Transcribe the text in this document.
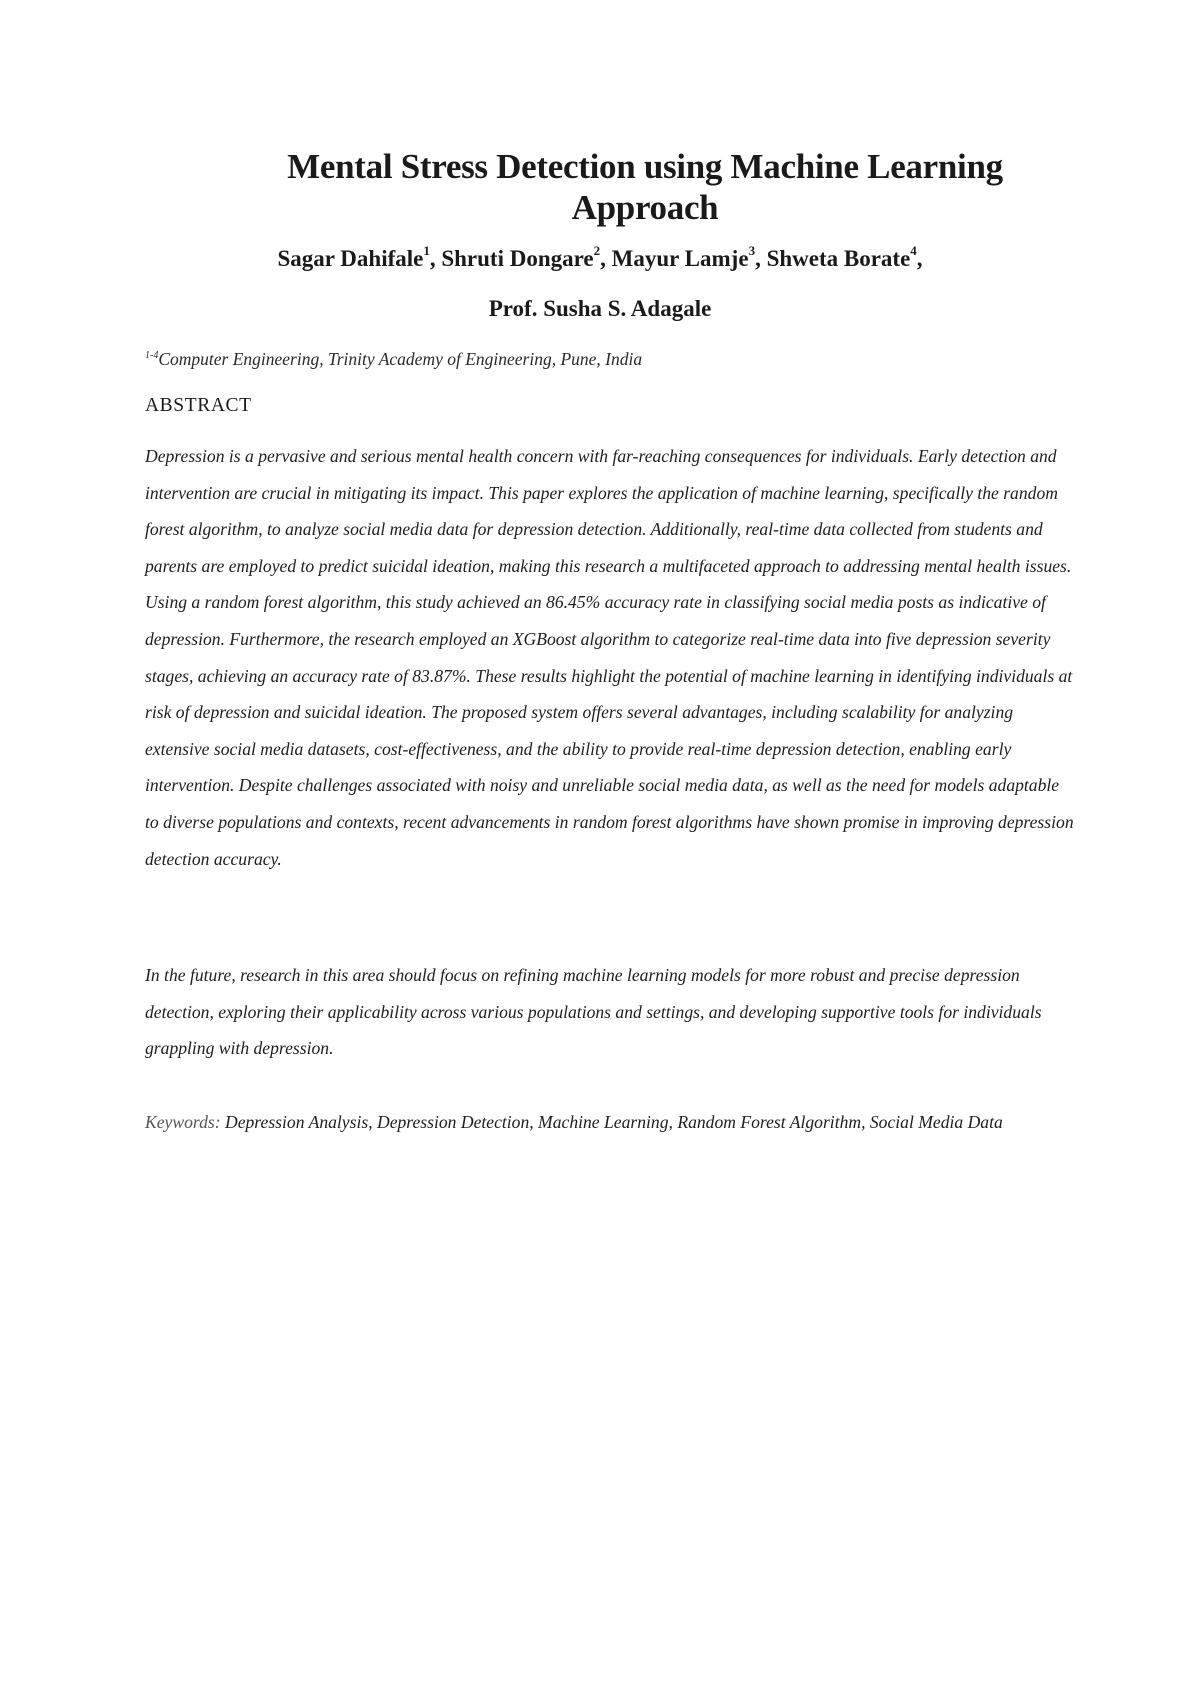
Mental Stress Detection using Machine Learning Approach

Sagar Dahifale$^1$, Shruti Dongare$^2$, Mayur Lamje$^3$, Shweta Borate$^4$,

Prof. Susha S. Adagale

$^{1-4}$Computer Engineering, Trinity Academy of Engineering, Pune, India

ABSTRACT

Depression is a pervasive and serious mental health concern with far-reaching consequences for individuals. Early detection and intervention are crucial in mitigating its impact. This paper explores the application of machine learning, specifically the random forest algorithm, to analyze social media data for depression detection. Additionally, real-time data collected from students and parents are employed to predict suicidal ideation, making this research a multifaceted approach to addressing mental health issues. Using a random forest algorithm, this study achieved an 86.45% accuracy rate in classifying social media posts as indicative of depression. Furthermore, the research employed an XGBoost algorithm to categorize real-time data into five depression severity stages, achieving an accuracy rate of 83.87%. These results highlight the potential of machine learning in identifying individuals at risk of depression and suicidal ideation. The proposed system offers several advantages, including scalability for analyzing extensive social media datasets, cost-effectiveness, and the ability to provide real-time depression detection, enabling early intervention. Despite challenges associated with noisy and unreliable social media data, as well as the need for models adaptable to diverse populations and contexts, recent advancements in random forest algorithms have shown promise in improving depression detection accuracy.

In the future, research in this area should focus on refining machine learning models for more robust and precise depression detection, exploring their applicability across various populations and settings, and developing supportive tools for individuals grappling with depression.

Keywords: Depression Analysis, Depression Detection, Machine Learning, Random Forest Algorithm, Social Media Data
